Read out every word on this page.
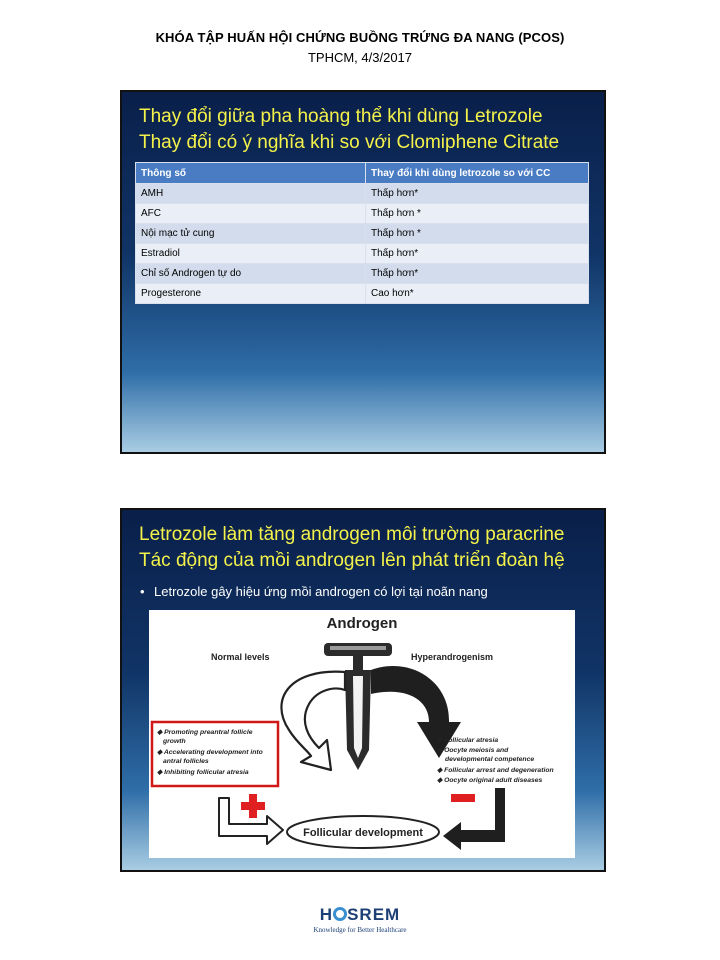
KHÓA TẬP HUẤN HỘI CHỨNG BUỒNG TRỨNG ĐA NANG (PCOS)
TPHCM, 4/3/2017
Thay đổi giữa pha hoàng thể khi dùng Letrozole
Thay đổi có ý nghĩa khi so với Clomiphene Citrate
Thông số	Thay đổi khi dùng letrozole so với CC
AMH	Thấp hơn*
AFC	Thấp hơn *
Nội mạc tử cung	Thấp hơn *
Estradiol	Thấp hơn*
Chỉ số Androgen tự do	Thấp hơn*
Progesterone	Cao hơn*
Letrozole làm tăng androgen môi trường paracrine
Tác động của mồi androgen lên phát triển đoàn hệ
• Letrozole gây hiệu ứng mồi androgen có lợi tại noãn nang
Androgen
Normal levels	Hyperandrogenism
◆ Promoting preantral follicle
growth
◆ Accelerating development into
antral follicles
◆ Inhibiting follicular atresia
◆ Follicular atresia
◆ Oocyte meiosis and
developmental competence
◆ Follicular arrest and degeneration
◆ Oocyte original adult diseases
Follicular development
H SREM
Knowledge for Better Healthcare
